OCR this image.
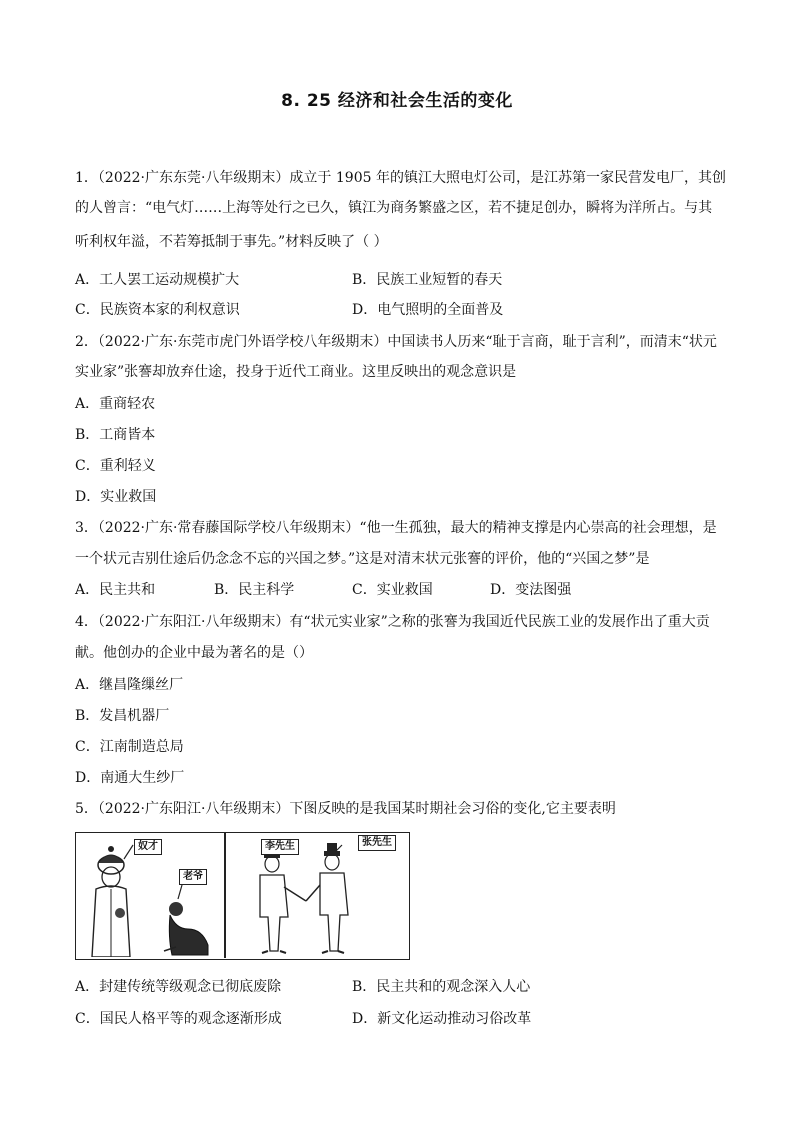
8. 25 经济和社会生活的变化
1．（2022·广东东莞·八年级期末）成立于 1905 年的镇江大照电灯公司，是江苏第一家民营发电厂，其创
的人曾言：“电气灯……上海等处行之已久，镇江为商务繁盛之区，若不捷足创办，瞬将为洋所占。与其
听利权年溢，不若筹抵制于事先。”材料反映了（ ）
A．工人罢工运动规模扩大	B．民族工业短暂的春天
C．民族资本家的利权意识	D．电气照明的全面普及
2．（2022·广东·东莞市虎门外语学校八年级期末）中国读书人历来“耻于言商，耻于言利”，而清末“状元
实业家”张謇却放弃仕途，投身于近代工商业。这里反映出的观念意识是
A．重商轻农
B．工商皆本
C．重利轻义
D．实业救国
3．（2022·广东·常春藤国际学校八年级期末）“他一生孤独，最大的精神支撑是内心崇高的社会理想，是
一个状元吉别仕途后仍念念不忘的兴国之梦。”这是对清末状元张謇的评价，他的“兴国之梦”是
A．民主共和	B．民主科学	C．实业救国	D．变法图强
4．（2022·广东阳江·八年级期末）有“状元实业家”之称的张謇为我国近代民族工业的发展作出了重大贡
献。他创办的企业中最为著名的是（）
A．继昌隆缫丝厂
B．发昌机器厂
C．江南制造总局
D．南通大生纱厂
5．（2022·广东阳江·八年级期末）下图反映的是我国某时期社会习俗的变化,它主要表明
奴才
老爷
李先生	张先生
A．封建传统等级观念已彻底废除	B．民主共和的观念深入人心
C．国民人格平等的观念逐渐形成	D．新文化运动推动习俗改革
